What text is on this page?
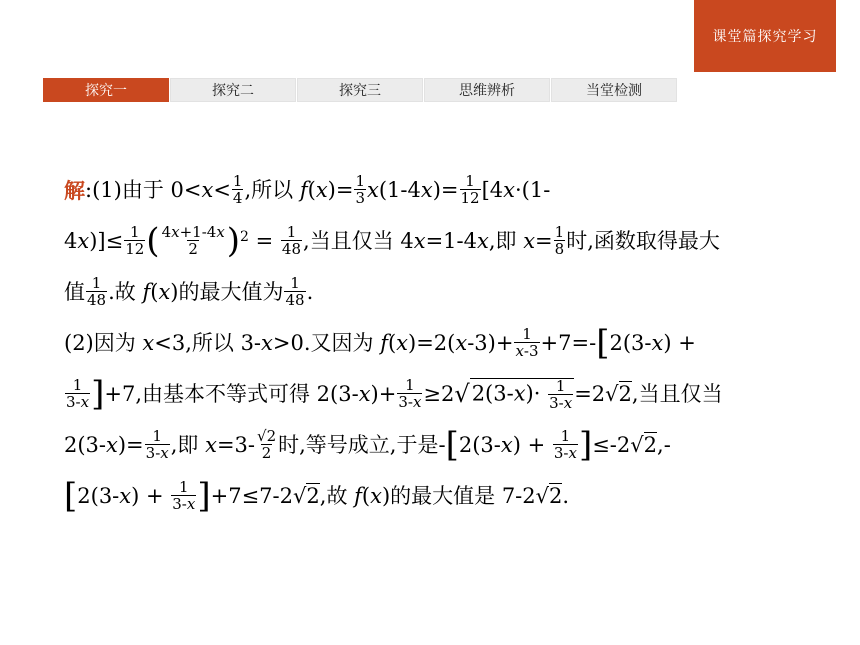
课堂篇探究学习
探究一	探究二	探究三	思维辨析	当堂检测
解 :(1)由于 $0<x< \frac{1}{4}$ ,所以 $f(x)= \frac{1}{3} x(1-4x)= \frac{1}{12} [4x\cdot(1-$
$4x)]\le \frac{1}{12}$ ( $\frac{4x+1-4x}{2}$ ) $2 = \frac{1}{48}$ ,当且仅当 4x=1-4x,即 $x= \frac{1}{8}$ 时,函数取得最大
值 $\frac{1}{48}$ .故 f(x)的最大值为 $\frac{1}{48}$ .
(2)因为 x<3,所以 3-x>0.又因为 $f(x)=2(x-3)+ \frac{1}{x-3} +7=-$ [ 2(3-x) +
$\frac{1}{3-x}$ ] +7,由基本不等式可得 $2(3-x)+ \frac{1}{3-x} \ge 2$ √ $2(3-x)\cdot \frac{1}{3-x} =2√2$,当且仅当
$2(3-x)= \frac{1}{3-x}$ ,即 $x=3- \frac{√2}{2}$ 时,等号成立,于是- [ $2(3-x) + \frac{1}{3-x}$ ] ≤-2√2,-
[ $2(3-x) + \frac{1}{3-x}$ ] +7≤7-2√2,故 f(x)的最大值是 7-2√2.
